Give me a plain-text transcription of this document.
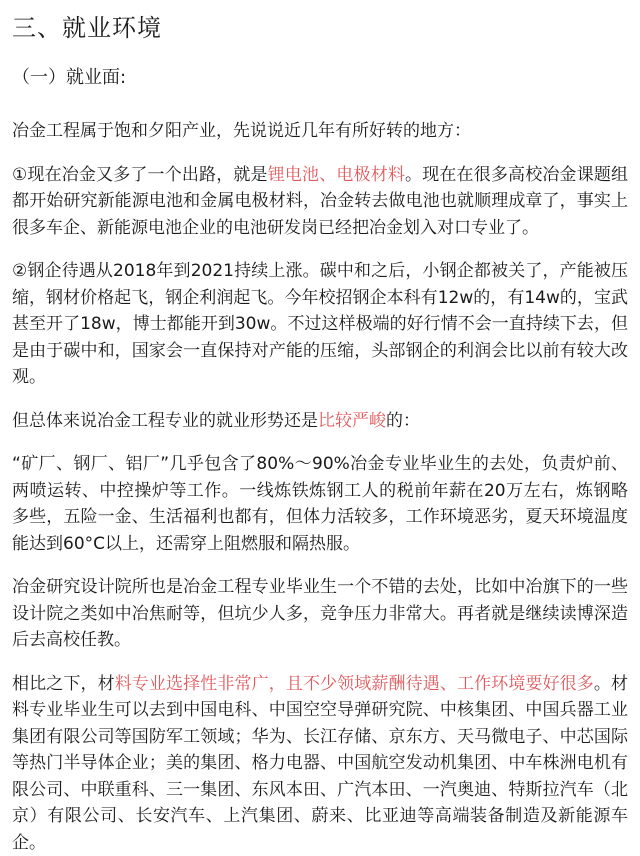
三、就业环境
（一）就业面:

冶金工程属于饱和夕阳产业，先说说近几年有所好转的地方：

①现在冶金又多了一个出路，就是锂电池、电极材料。现在在很多高校冶金课题组都开始研究新能源电池和金属电极材料，冶金转去做电池也就顺理成章了，事实上很多车企、新能源电池企业的电池研发岗已经把冶金划入对口专业了。

②钢企待遇从2018年到2021持续上涨。碳中和之后，小钢企都被关了，产能被压缩，钢材价格起飞，钢企利润起飞。今年校招钢企本科有12w的，有14w的，宝武甚至开了18w，博士都能开到30w。不过这样极端的好行情不会一直持续下去，但是由于碳中和，国家会一直保持对产能的压缩，头部钢企的利润会比以前有较大改观。

但总体来说冶金工程专业的就业形势还是比较严峻的：

“矿厂、钢厂、铝厂”几乎包含了80%～90%冶金专业毕业生的去处，负责炉前、两喷运转、中控操炉等工作。一线炼铁炼钢工人的税前年薪在20万左右，炼钢略多些，五险一金、生活福利也都有，但体力活较多，工作环境恶劣，夏天环境温度能达到60°C以上，还需穿上阻燃服和隔热服。

冶金研究设计院所也是冶金工程专业毕业生一个不错的去处，比如中冶旗下的一些设计院之类如中冶焦耐等，但坑少人多，竞争压力非常大。再者就是继续读博深造后去高校任教。

相比之下，材料专业选择性非常广，且不少领域薪酬待遇、工作环境要好很多。材料专业毕业生可以去到中国电科、中国空空导弹研究院、中核集团、中国兵器工业集团有限公司等国防军工领域；华为、长江存储、京东方、天马微电子、中芯国际等热门半导体企业；美的集团、格力电器、中国航空发动机集团、中车株洲电机有限公司、中联重科、三一集团、东风本田、广汽本田、一汽奥迪、特斯拉汽车（北京）有限公司、长安汽车、上汽集团、蔚来、比亚迪等高端装备制造及新能源车企。
